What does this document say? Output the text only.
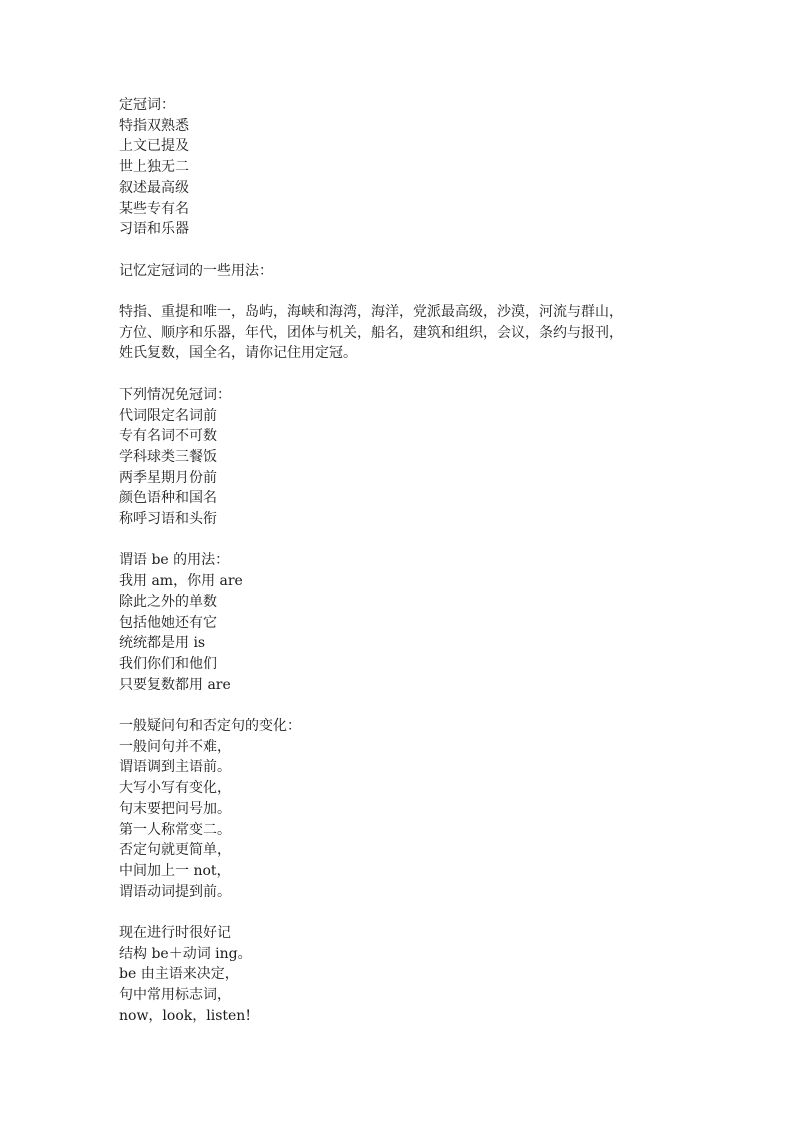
定冠词：
特指双熟悉
上文已提及
世上独无二
叙述最高级
某些专有名
习语和乐器
记忆定冠词的一些用法：
特指、重提和唯一，岛屿，海峡和海湾，海洋，党派最高级，沙漠，河流与群山，
方位、顺序和乐器，年代，团体与机关，船名，建筑和组织，会议，条约与报刊，
姓氏复数，国全名，请你记住用定冠。
下列情况免冠词：
代词限定名词前
专有名词不可数
学科球类三餐饭
两季星期月份前
颜色语种和国名
称呼习语和头衔
谓语 be 的用法：
我用 am，你用 are
除此之外的单数
包括他她还有它
统统都是用 is
我们你们和他们
只要复数都用 are
一般疑问句和否定句的变化：
一般问句并不难，
谓语调到主语前。
大写小写有变化，
句末要把问号加。
第一人称常变二。
否定句就更简单，
中间加上一 not，
谓语动词提到前。
现在进行时很好记
结构 be＋动词 ing。
be 由主语来决定，
句中常用标志词，
now，look，listen!
